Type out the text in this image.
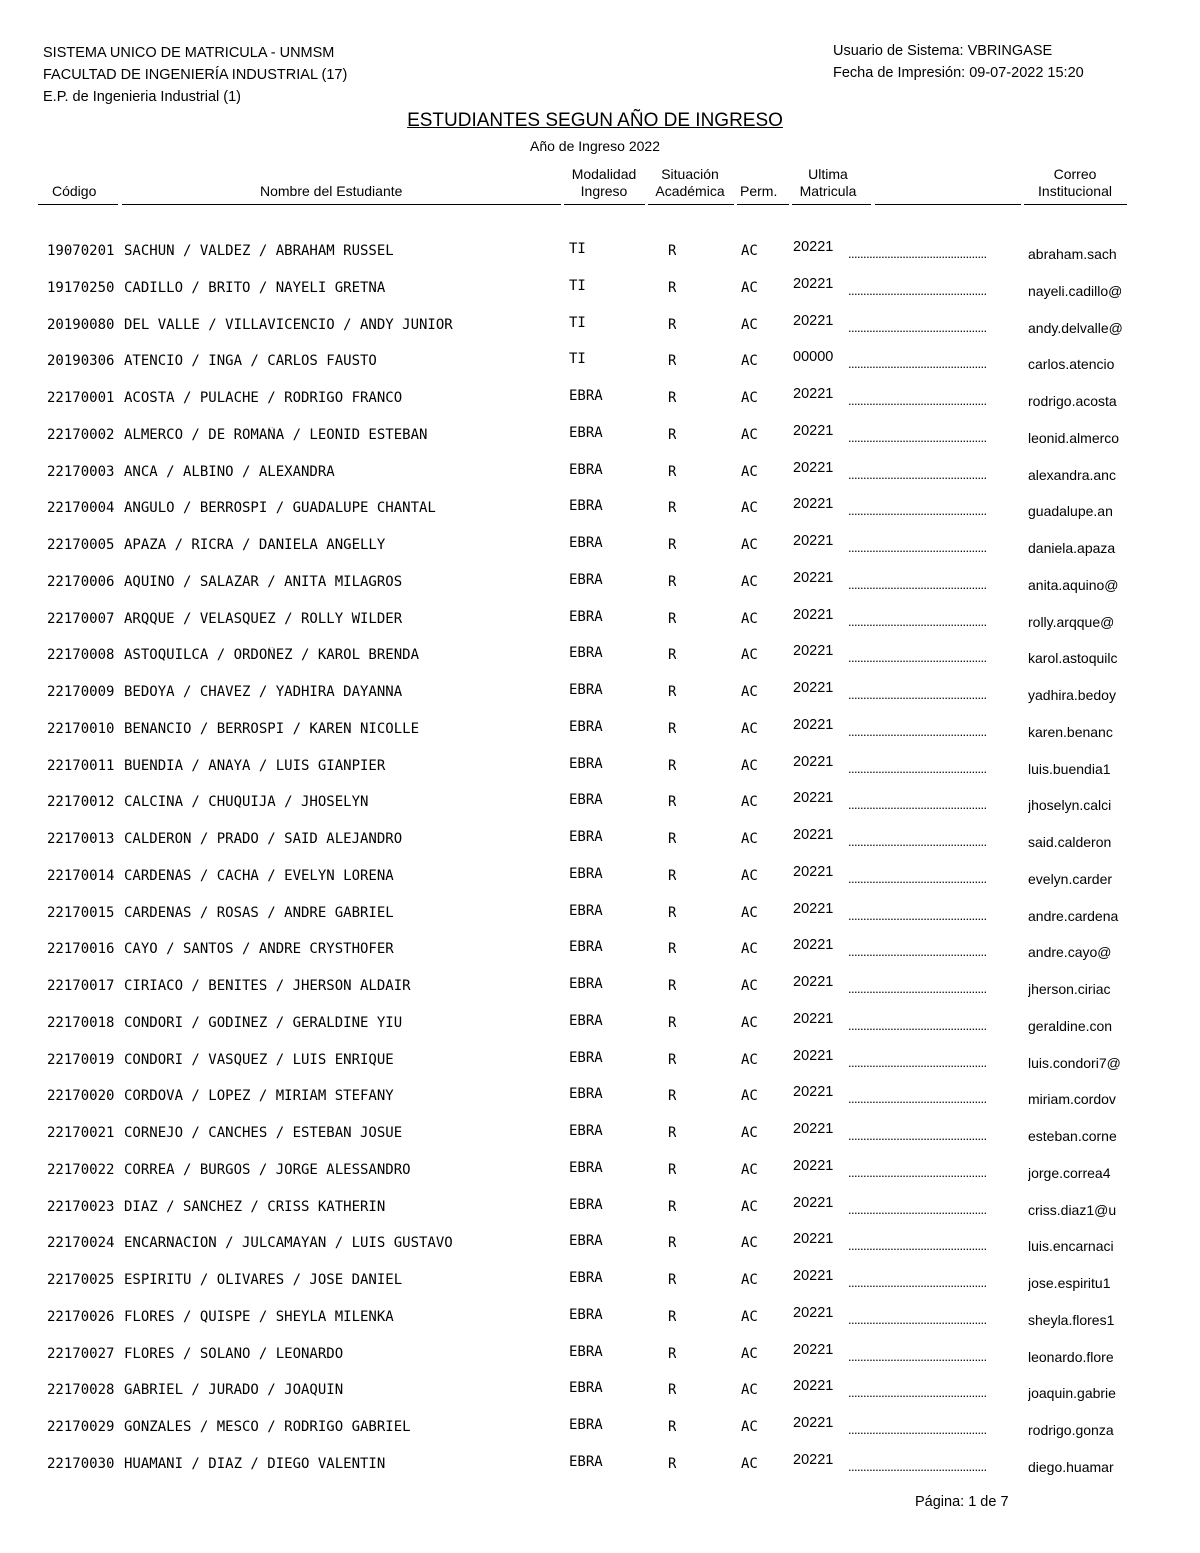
SISTEMA UNICO DE MATRICULA - UNMSM
FACULTAD DE INGENIERÍA INDUSTRIAL (17)
E.P. de Ingenieria Industrial (1)
Usuario de Sistema: VBRINGASE
Fecha de Impresión: 09-07-2022 15:20
ESTUDIANTES SEGUN AÑO DE INGRESO
Año de Ingreso 2022
Código	Nombre del Estudiante
Modalidad
Ingreso
Situación
Académica	Perm.
Ultima
Matricula
Correo
Institucional
19070201 SACHUN / VALDEZ / ABRAHAM RUSSEL	TI	R	AC 20221 ..............................................	abraham.sach
19170250 CADILLO / BRITO / NAYELI GRETNA	TI	R	AC 20221 ..............................................	nayeli.cadillo@
20190080 DEL VALLE / VILLAVICENCIO / ANDY JUNIOR	TI	R	AC 20221 ..............................................	andy.delvalle@
20190306 ATENCIO / INGA / CARLOS FAUSTO	TI	R	AC 00000 ..............................................	carlos.atencio
22170001 ACOSTA / PULACHE / RODRIGO FRANCO	EBRA	R	AC 20221 ..............................................	rodrigo.acosta
22170002 ALMERCO / DE ROMAÑA / LEONID ESTEBAN	EBRA	R	AC 20221 ..............................................	leonid.almerco
22170003 ANCA / ALBINO / ALEXANDRA	EBRA	R	AC 20221 ..............................................	alexandra.anc
22170004 ANGULO / BERROSPI / GUADALUPE CHANTAL	EBRA	R	AC 20221 ..............................................	guadalupe.an
22170005 APAZA / RICRA / DANIELA ANGELLY	EBRA	R	AC 20221 ..............................................	daniela.apaza
22170006 AQUINO / SALAZAR / ANITA MILAGROS	EBRA	R	AC 20221 ..............................................	anita.aquino@
22170007 ARQQUE / VELASQUEZ / ROLLY WILDER	EBRA	R	AC 20221 ..............................................	rolly.arqque@
22170008 ASTOQUILCA / ORDOÑEZ / KAROL BRENDA	EBRA	R	AC 20221 ..............................................	karol.astoquilc
22170009 BEDOYA / CHAVEZ / YADHIRA DAYANNA	EBRA	R	AC 20221 ..............................................	yadhira.bedoy
22170010 BENANCIO / BERROSPI / KAREN NICOLLE	EBRA	R	AC 20221 ..............................................	karen.benanc
22170011 BUENDIA / ANAYA / LUIS GIANPIER	EBRA	R	AC 20221 ..............................................	luis.buendia1
22170012 CALCINA / CHUQUIJA / JHOSELYN	EBRA	R	AC 20221 ..............................................	jhoselyn.calci
22170013 CALDERON / PRADO / SAID ALEJANDRO	EBRA	R	AC 20221 ..............................................	said.calderon
22170014 CARDENAS / CACHA / EVELYN LORENA	EBRA	R	AC 20221 ..............................................	evelyn.carder
22170015 CARDENAS / ROSAS / ANDRE GABRIEL	EBRA	R	AC 20221 ..............................................	andre.cardena
22170016 CAYO / SANTOS / ANDRE CRYSTHOFER	EBRA	R	AC 20221 ..............................................	andre.cayo@
22170017 CIRIACO / BENITES / JHERSON ALDAIR	EBRA	R	AC 20221 ..............................................	jherson.ciriac
22170018 CONDORI / GODINEZ / GERALDINE YIU	EBRA	R	AC 20221 ..............................................	geraldine.con
22170019 CONDORI / VASQUEZ / LUIS ENRIQUE	EBRA	R	AC 20221 ..............................................	luis.condori7@
22170020 CORDOVA / LOPEZ / MIRIAM STEFANY	EBRA	R	AC 20221 ..............................................	miriam.cordov
22170021 CORNEJO / CANCHES / ESTEBAN JOSUE	EBRA	R	AC 20221 ..............................................	esteban.corne
22170022 CORREA / BURGOS / JORGE ALESSANDRO	EBRA	R	AC 20221 ..............................................	jorge.correa4
22170023 DIAZ / SANCHEZ / CRISS KATHERIN	EBRA	R	AC 20221 ..............................................	criss.diaz1@u
22170024 ENCARNACION / JULCAMAYAN / LUIS GUSTAVO	EBRA	R	AC 20221 ..............................................	luis.encarnaci
22170025 ESPIRITU / OLIVARES / JOSE DANIEL	EBRA	R	AC 20221 ..............................................	jose.espiritu1
22170026 FLORES / QUISPE / SHEYLA MILENKA	EBRA	R	AC 20221 ..............................................	sheyla.flores1
22170027 FLORES / SOLANO / LEONARDO	EBRA	R	AC 20221 ..............................................	leonardo.flore
22170028 GABRIEL / JURADO / JOAQUIN	EBRA	R	AC 20221 ..............................................	joaquin.gabrie
22170029 GONZALES / MESCO / RODRIGO GABRIEL	EBRA	R	AC 20221 ..............................................	rodrigo.gonza
22170030 HUAMANI / DIAZ / DIEGO VALENTIN	EBRA	R	AC 20221 ..............................................	diego.huamar
Página: 1 de 7
